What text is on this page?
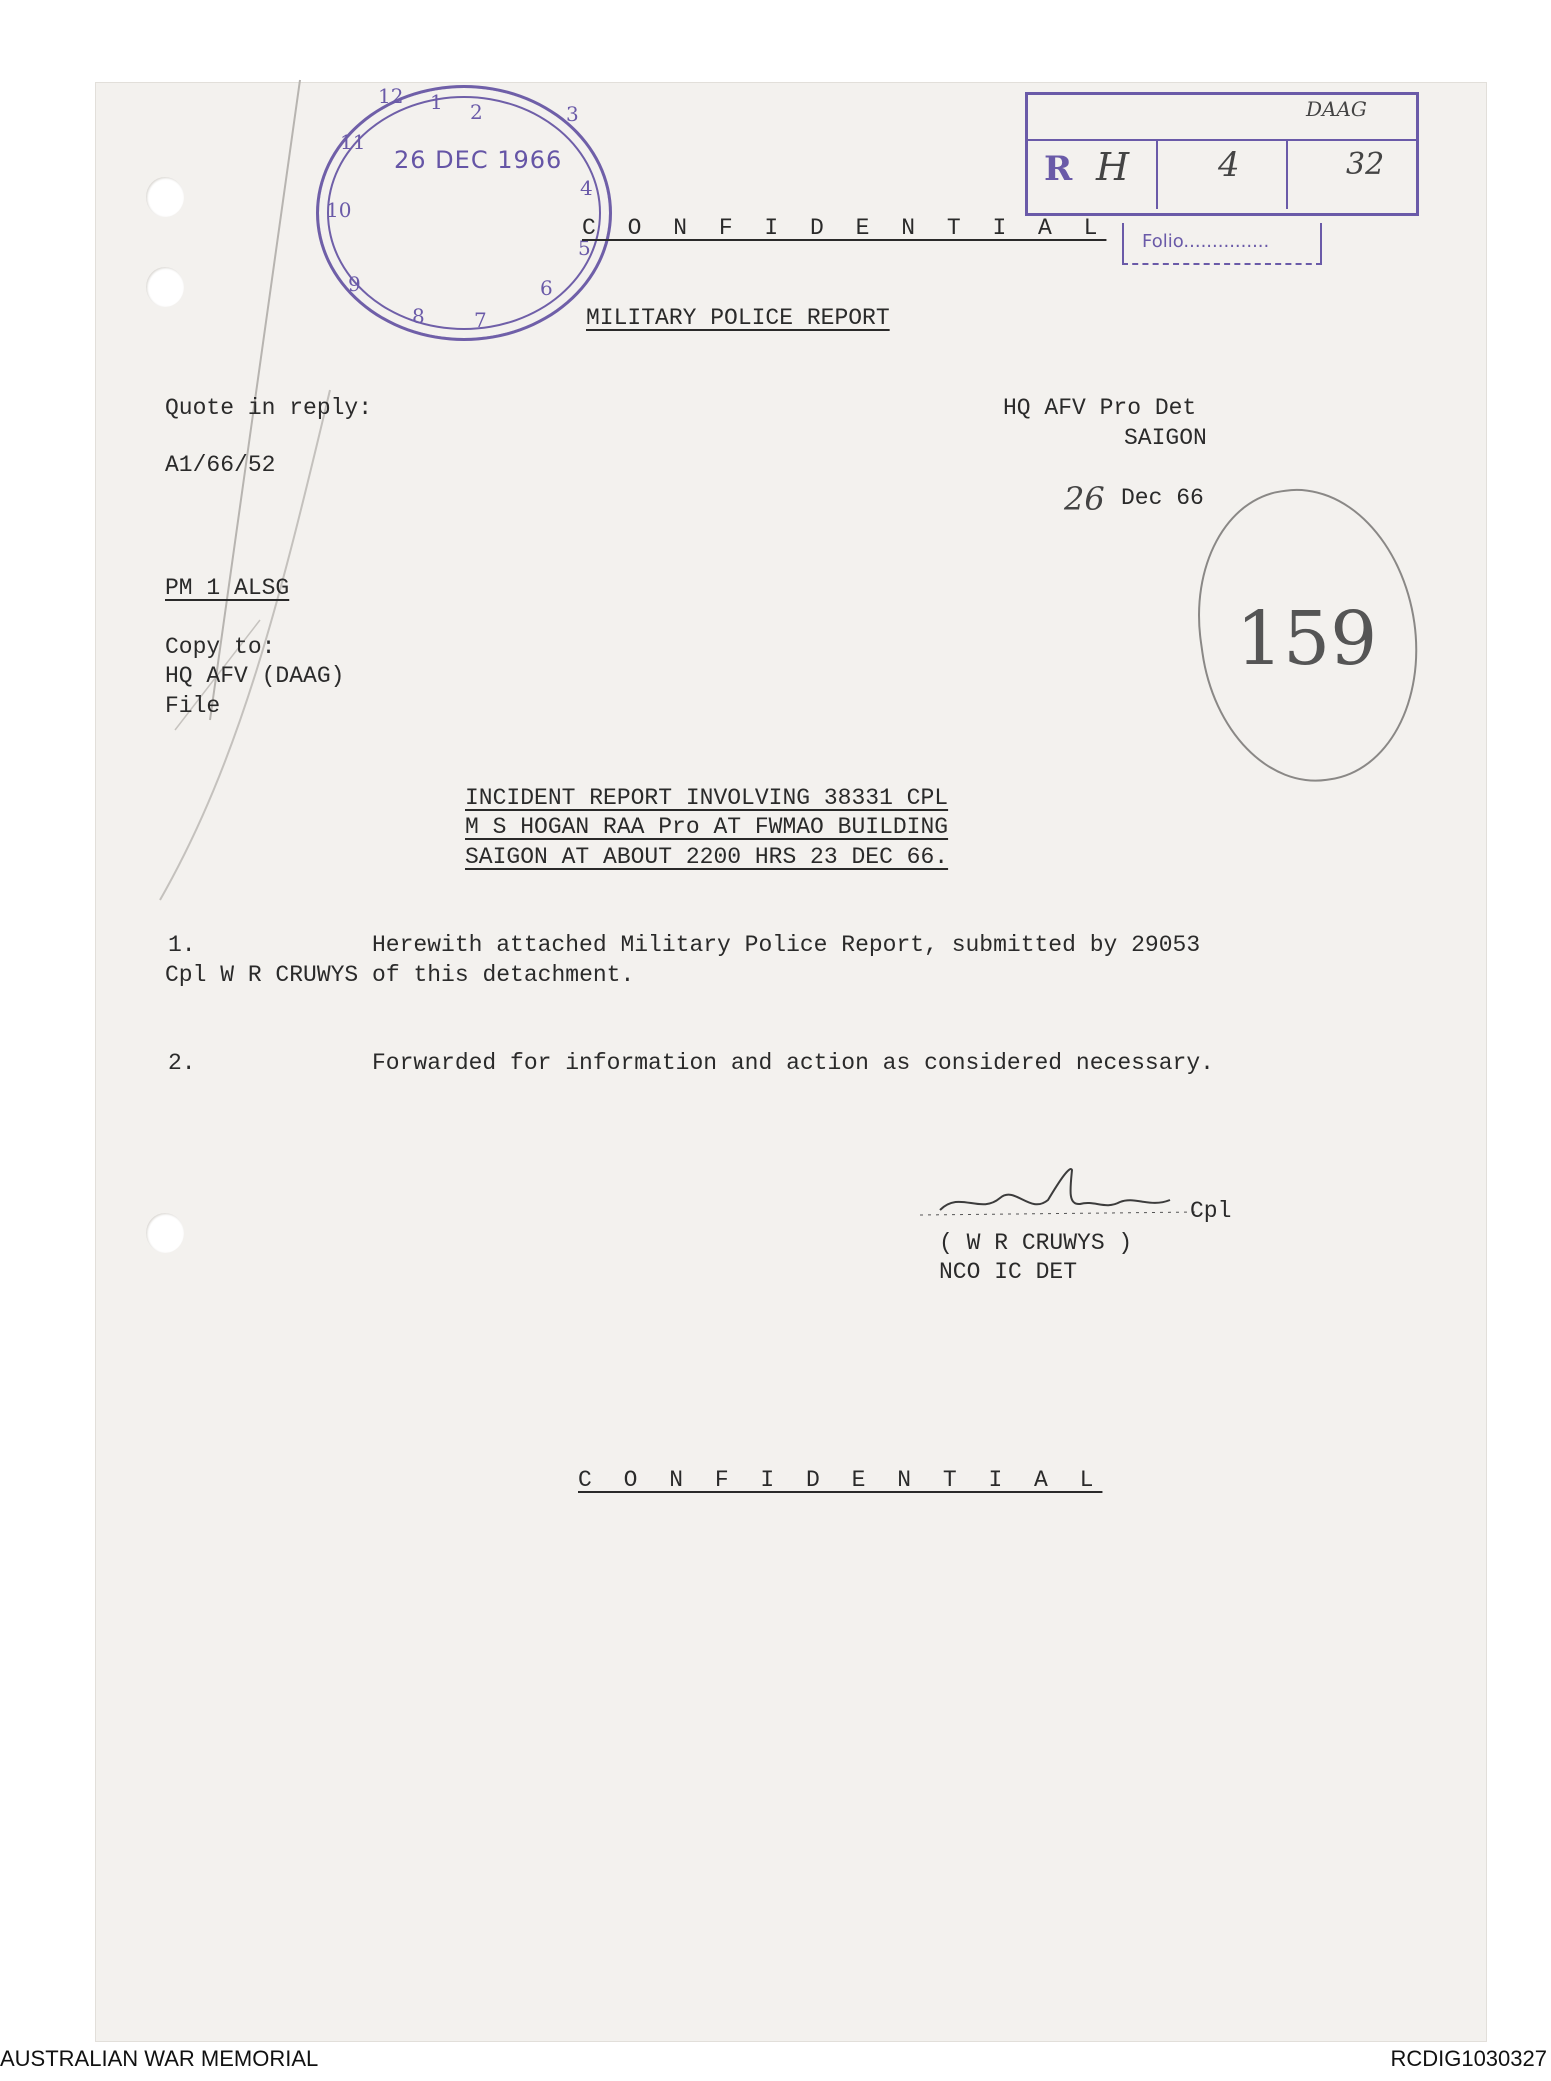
26 DEC 1966
12 1 2	3
4
5
6
7
8
9
10
11
R H	4	32
DAAG
Folio...............
C O N F I D E N T I A L
MILITARY POLICE REPORT
Quote in reply:
A1/66/52
HQ AFV Pro Det
SAIGON
26 Dec 66
159
PM 1 ALSG
Copy to:
HQ AFV (DAAG)
File
INCIDENT REPORT INVOLVING 38331 CPL
M S HOGAN RAA Pro AT FWMAO BUILDING
SAIGON AT ABOUT 2200 HRS 23 DEC 66.
1.	Herewith attached Military Police Report, submitted by 29053
Cpl W R CRUWYS of this detachment.
2.	Forwarded for information and action as considered necessary.
Cpl
( W R CRUWYS )
NCO IC DET
C O N F I D E N T I A L
AUSTRALIAN WAR MEMORIAL	RCDIG1030327
